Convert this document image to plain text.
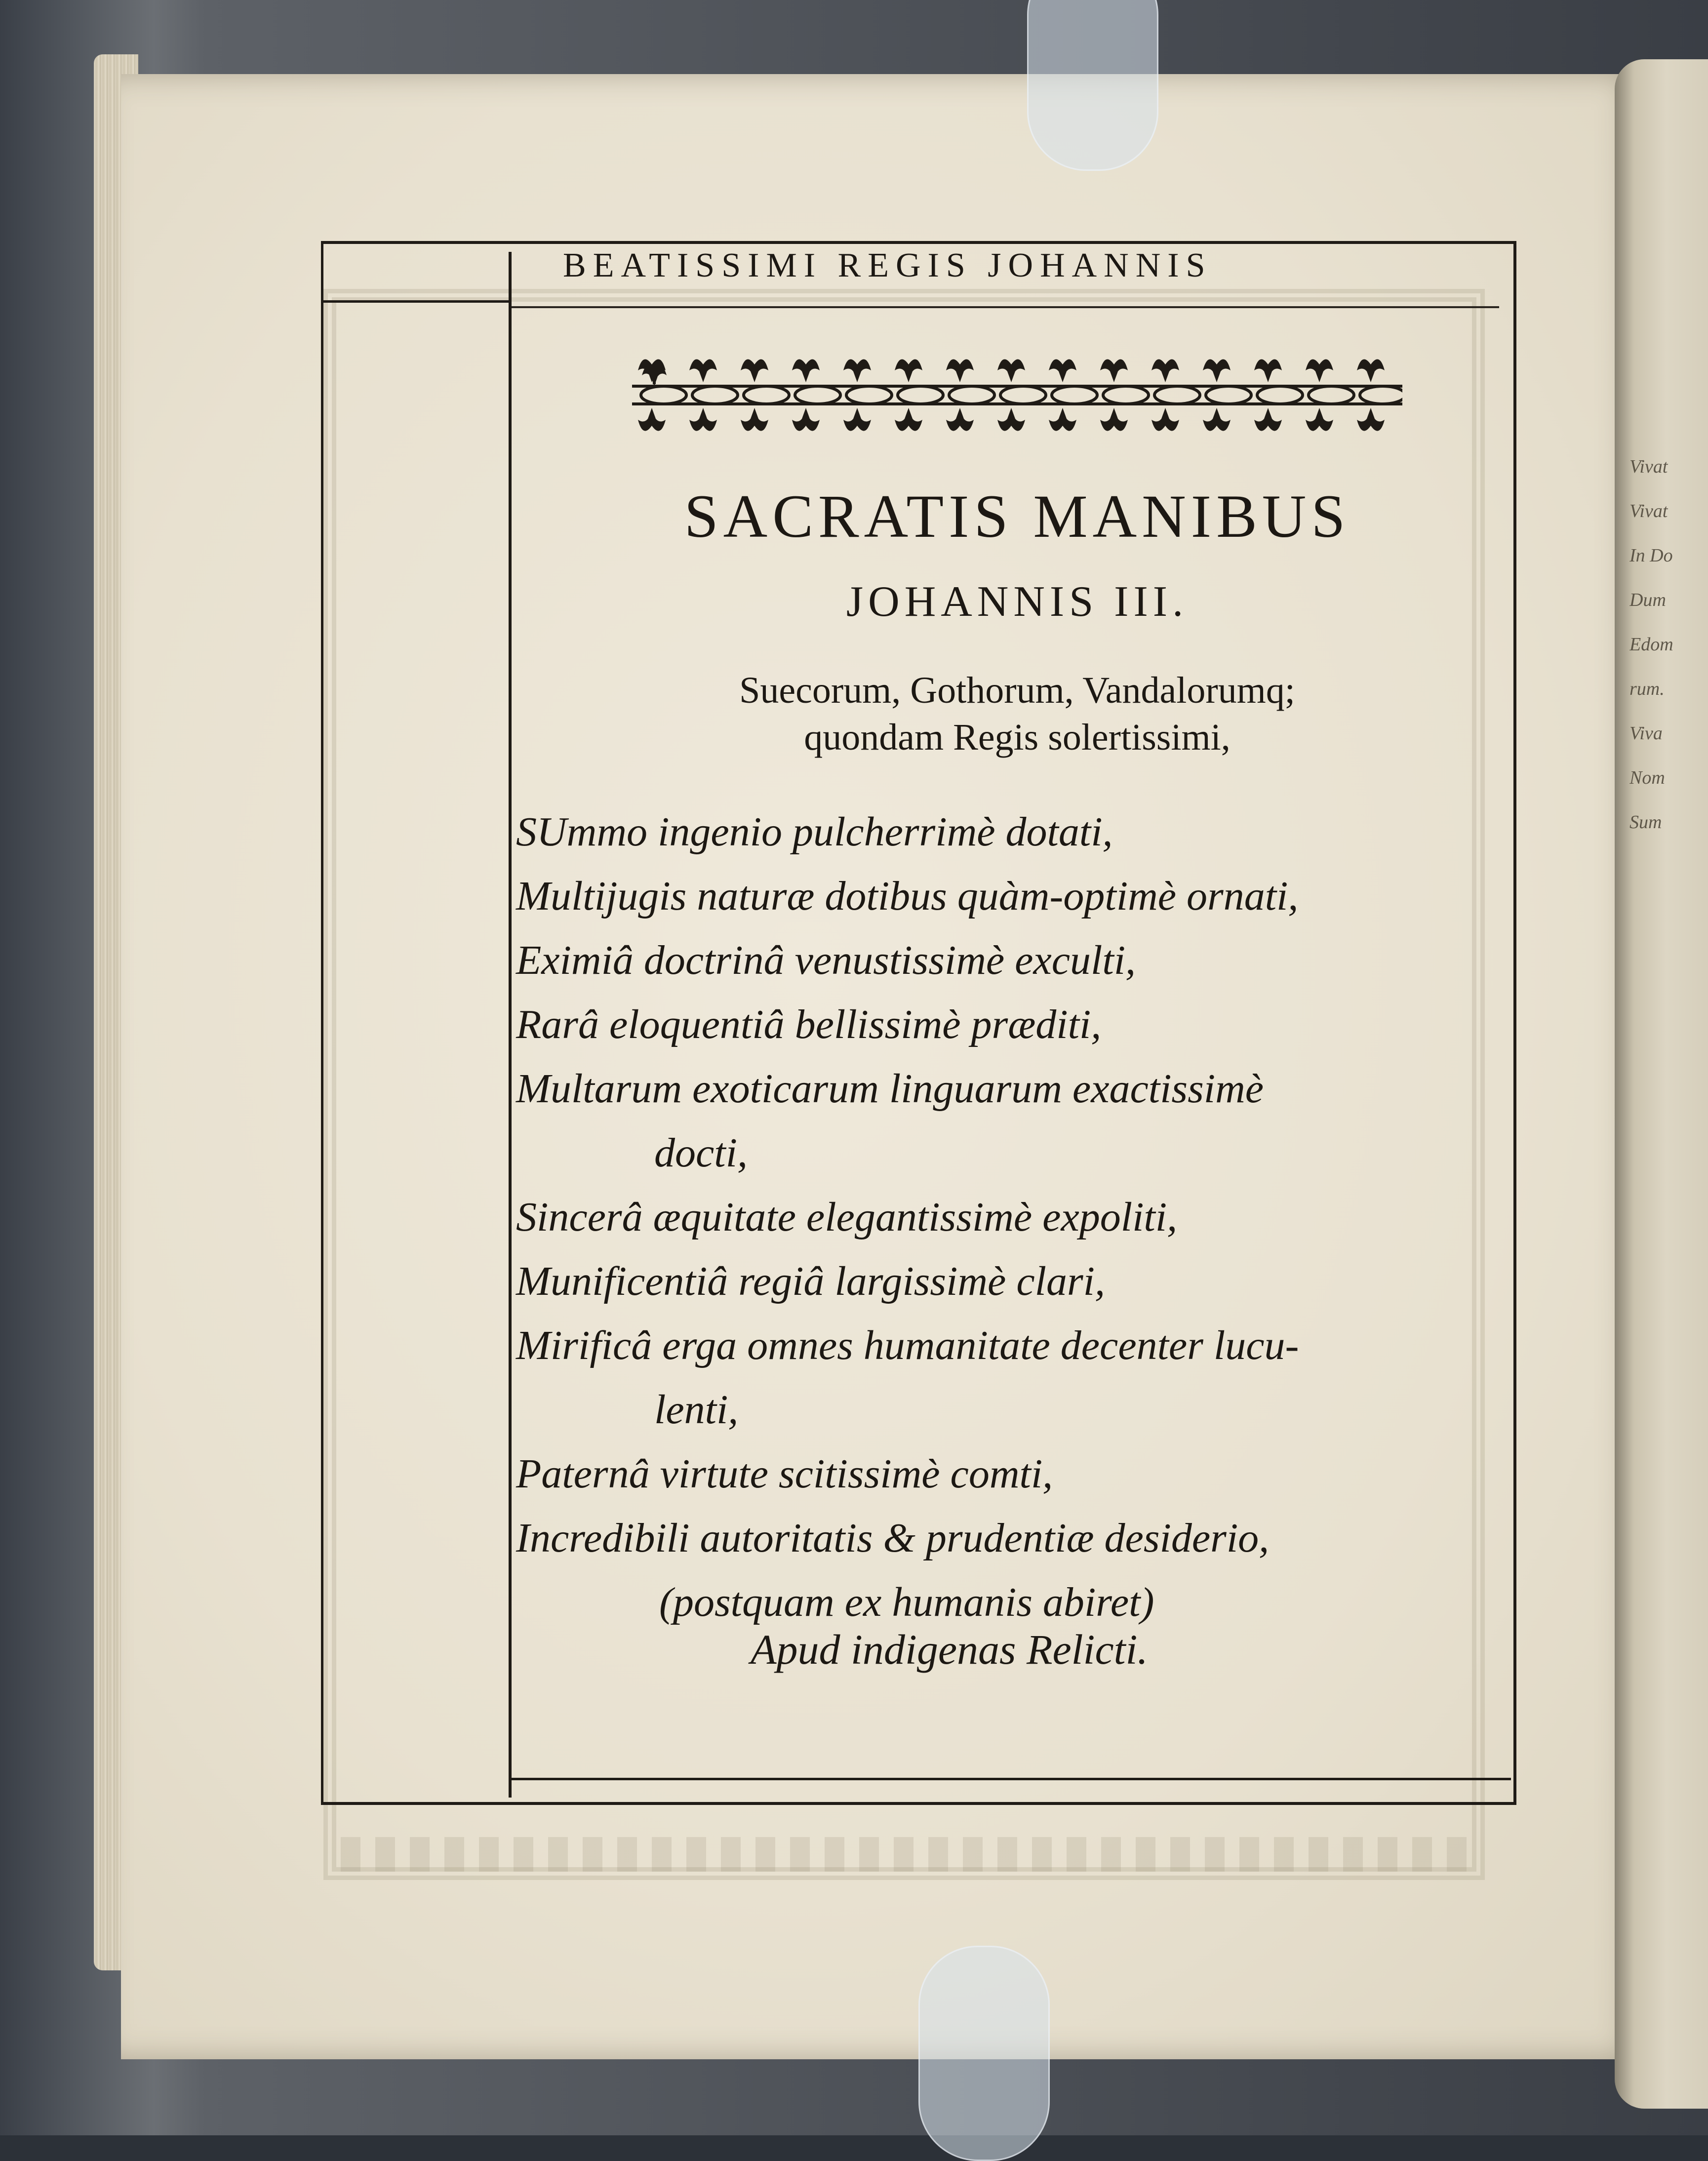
Vivat
Vivat
In Do
Dum
Edom
rum.
Viva
Nom
Sum
BEATISSIMI REGIS JOHANNIS
SACRATIS MANIBUS
JOHANNIS III.
Suecorum, Gothorum, Vandalorumq;
quondam Regis solertissimi,
SUmmo ingenio pulcherrimè dotati,
Multijugis naturæ dotibus quàm-optimè ornati,
Eximiâ doctrinâ venustissimè exculti,
Rarâ eloquentiâ bellissimè præditi,
Multarum exoticarum linguarum exactissimè
docti,
Sincerâ æquitate elegantissimè expoliti,
Munificentiâ regiâ largissimè clari,
Mirificâ erga omnes humanitate decenter lucu-
lenti,
Paternâ virtute scitissimè comti,
Incredibili autoritatis & prudentiæ desiderio,
(postquam ex humanis abiret)
Apud indigenas Relicti.
